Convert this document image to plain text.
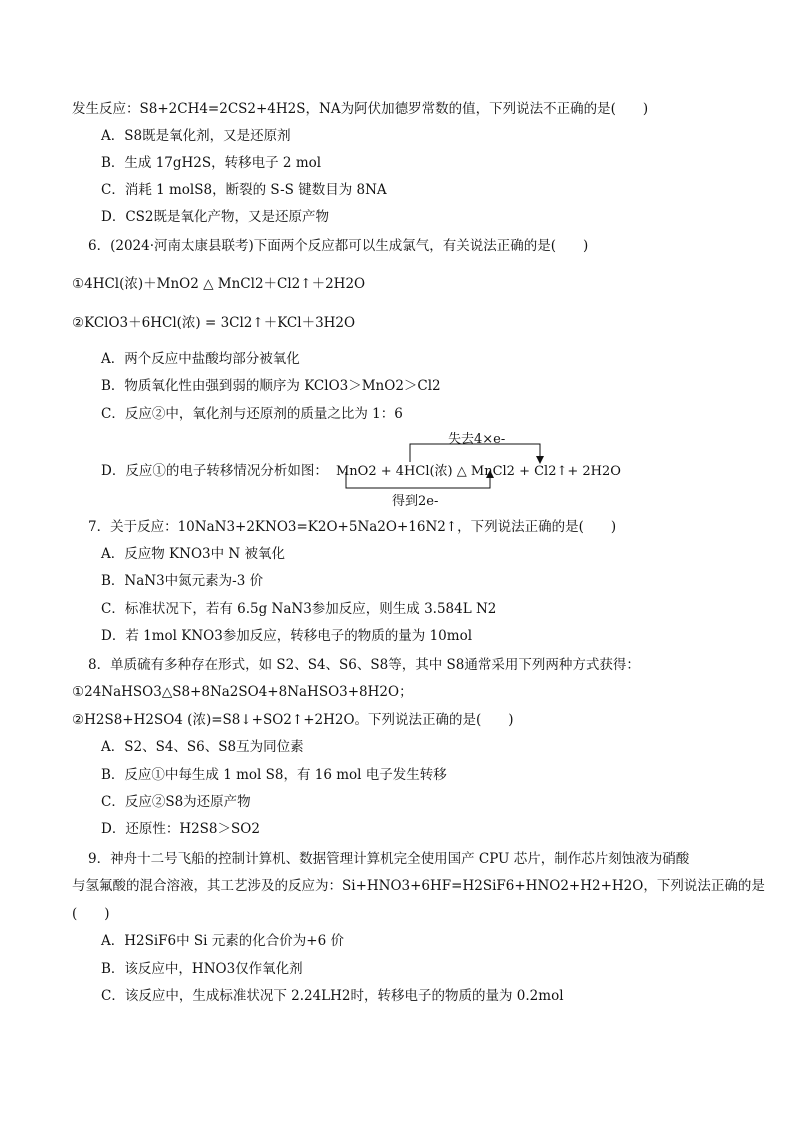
发生反应：S8+2CH4=2CS2+4H2S，NA为阿伏加德罗常数的值，下列说法不正确的是(　　)
A．S8既是氧化剂，又是还原剂
B．生成 17gH2S，转移电子 2 mol
C．消耗 1 molS8，断裂的 S-S 键数目为 8NA
D．CS2既是氧化产物，又是还原产物
6．(2024·河南太康县联考)下面两个反应都可以生成氯气，有关说法正确的是(　　)
①4HCl(浓)＋MnO2 △ MnCl2＋Cl2↑＋2H2O
②KClO3＋6HCl(浓) = 3Cl2↑＋KCl＋3H2O
A．两个反应中盐酸均部分被氧化
B．物质氧化性由强到弱的顺序为 KClO3＞MnO2＞Cl2
C．反应②中，氧化剂与还原剂的质量之比为 1：6
D．反应①的电子转移情况分析如图：
失去4×e-
MnO2 + 4HCl(浓) △ MnCl2 + Cl2↑+ 2H2O
得到2e-
7．关于反应：10NaN3+2KNO3=K2O+5Na2O+16N2↑，下列说法正确的是(　　)
A．反应物 KNO3中 N 被氧化
B．NaN3中氮元素为-3 价
C．标准状况下，若有 6.5g NaN3参加反应，则生成 3.584L N2
D．若 1mol KNO3参加反应，转移电子的物质的量为 10mol
8．单质硫有多种存在形式，如 S2、S4、S6、S8等，其中 S8通常采用下列两种方式获得：
①24NaHSO3△S8+8Na2SO4+8NaHSO3+8H2O；
②H2S8+H2SO4 (浓)=S8↓+SO2↑+2H2O。下列说法正确的是(　　)
A．S2、S4、S6、S8互为同位素
B．反应①中每生成 1 mol S8，有 16 mol 电子发生转移
C．反应②S8为还原产物
D．还原性：H2S8＞SO2
9．神舟十二号飞船的控制计算机、数据管理计算机完全使用国产 CPU 芯片，制作芯片刻蚀液为硝酸
与氢氟酸的混合溶液，其工艺涉及的反应为：Si+HNO3+6HF=H2SiF6+HNO2+H2+H2O，下列说法正确的是
(　　)
A．H2SiF6中 Si 元素的化合价为+6 价
B．该反应中，HNO3仅作氧化剂
C．该反应中，生成标准状况下 2.24LH2时，转移电子的物质的量为 0.2mol
